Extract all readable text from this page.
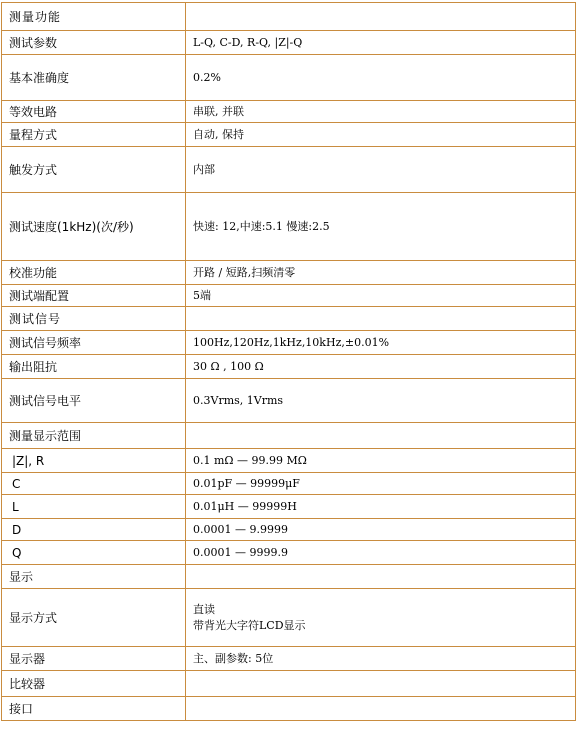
测量功能	
测试参数	L-Q, C-D, R-Q, |Z|-Q

基本准确度	0.2%

等效电路	串联, 并联

量程方式	自动, 保持

触发方式	内部

测试速度(1kHz)(次/秒)	快速: 12,中速:5.1 慢速:2.5

校准功能	开路 / 短路,扫频清零

测试端配置	5端

测试信号	
测试信号频率	100Hz,120Hz,1kHz,10kHz,±0.01%

输出阻抗	30 Ω , 100 Ω

测试信号电平	0.3Vrms, 1Vrms

测量显示范围	
|Z|, R	0.1 mΩ — 99.99 MΩ

C	0.01pF — 99999μF

L	0.01μH — 99999H

D	0.0001 — 9.9999

Q	0.0001 — 9999.9

显示	
显示方式	直读
带背光大字符LCD显示

显示器	主、副参数: 5位

比较器	
接口	
